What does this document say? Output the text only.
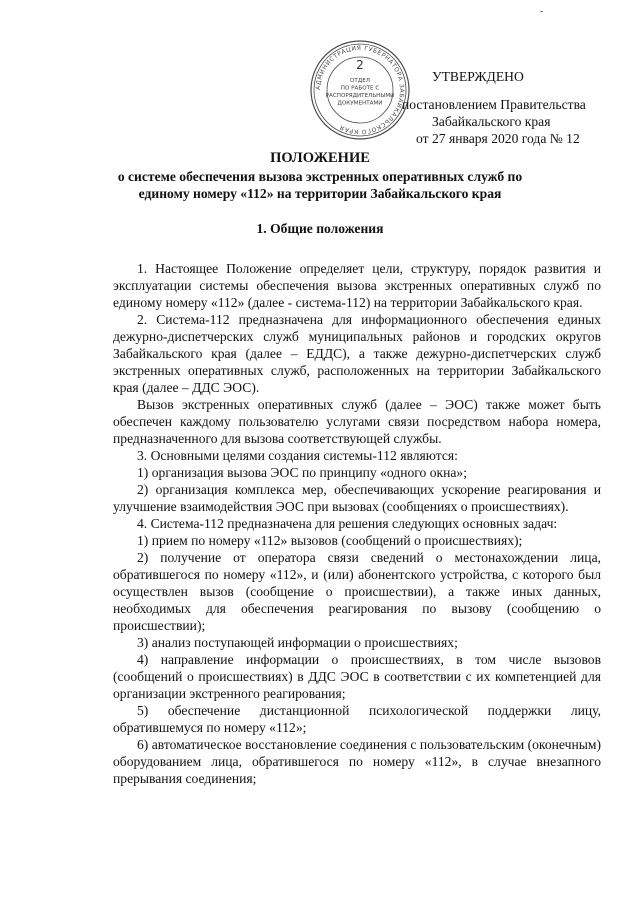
-
АДМИНИСТРАЦИЯ ГУБЕРНАТОРА ЗАБАЙКАЛЬСКОГО КРАЯ
2
ОТДЕЛ
ПО РАБОТЕ С
РАСПОРЯДИТЕЛЬНЫМИ
ДОКУМЕНТАМИ
УТВЕРЖДЕНО
постановлением Правительства
Забайкальского края
от 27 января 2020 года № 12
ПОЛОЖЕНИЕ
о системе обеспечения вызова экстренных оперативных служб по единому номеру «112» на территории Забайкальского края
1. Общие положения

1. Настоящее Положение определяет цели, структуру, порядок развития и эксплуатации системы обеспечения вызова экстренных оперативных служб по единому номеру «112» (далее - система-112) на территории Забайкальского края.

2. Система-112 предназначена для информационного обеспечения единых дежурно-диспетчерских служб муниципальных районов и городских округов Забайкальского края (далее – ЕДДС), а также дежурно-диспетчерских служб экстренных оперативных служб, расположенных на территории Забайкальского края (далее – ДДС ЭОС).

Вызов экстренных оперативных служб (далее – ЭОС) также может быть обеспечен каждому пользователю услугами связи посредством набора номера, предназначенного для вызова соответствующей службы.

3. Основными целями создания системы-112 являются:

1) организация вызова ЭОС по принципу «одного окна»;

2) организация комплекса мер, обеспечивающих ускорение реагирования и улучшение взаимодействия ЭОС при вызовах (сообщениях о происшествиях).

4. Система-112 предназначена для решения следующих основных задач:

1) прием по номеру «112» вызовов (сообщений о происшествиях);

2) получение от оператора связи сведений о местонахождении лица, обратившегося по номеру «112», и (или) абонентского устройства, с которого был осуществлен вызов (сообщение о происшествии), а также иных данных, необходимых для обеспечения реагирования по вызову (сообщению о происшествии);

3) анализ поступающей информации о происшествиях;

4) направление информации о происшествиях, в том числе вызовов (сообщений о происшествиях) в ДДС ЭОС в соответствии с их компетенцией для организации экстренного реагирования;

5) обеспечение дистанционной психологической поддержки лицу, обратившемуся по номеру «112»;

6) автоматическое восстановление соединения с пользовательским (оконечным) оборудованием лица, обратившегося по номеру «112», в случае внезапного прерывания соединения;
